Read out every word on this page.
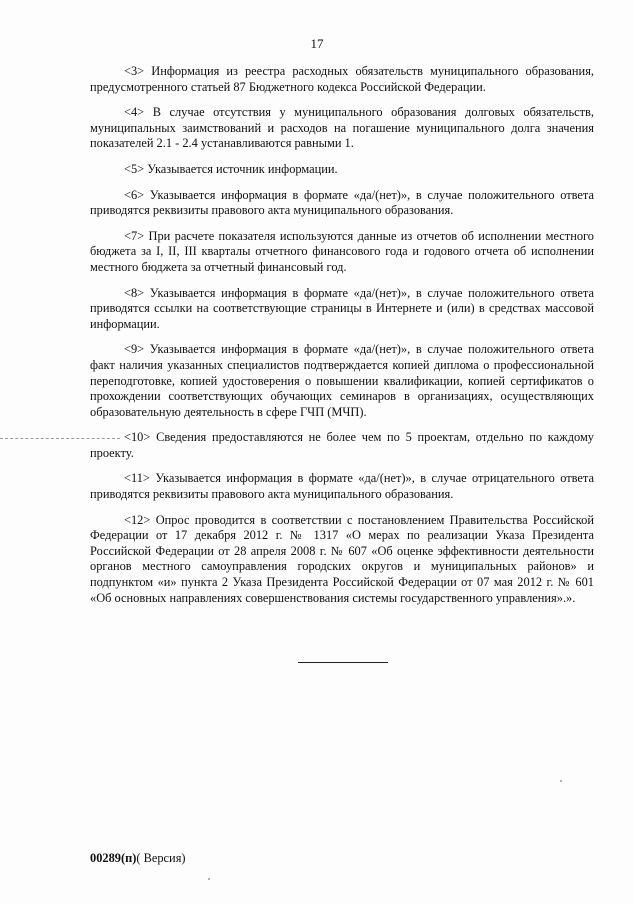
17

<3> Информация из реестра расходных обязательств муниципального образования, предусмотренного статьей 87 Бюджетного кодекса Российской Федерации.

<4> В случае отсутствия у муниципального образования долговых обязательств, муниципальных заимствований и расходов на погашение муниципального долга значения показателей 2.1 - 2.4 устанавливаются равными 1.

<5> Указывается источник информации.

<6> Указывается информация в формате «да/(нет)», в случае положительного ответа приводятся реквизиты правового акта муниципального образования.

<7> При расчете показателя используются данные из отчетов об исполнении местного бюджета за I, II, III кварталы отчетного финансового года и годового отчета об исполнении местного бюджета за отчетный финансовый год.

<8> Указывается информация в формате «да/(нет)», в случае положительного ответа приводятся ссылки на соответствующие страницы в Интернете и (или) в средствах массовой информации.

<9> Указывается информация в формате «да/(нет)», в случае положительного ответа факт наличия указанных специалистов подтверждается копией диплома о профессиональной переподготовке, копией удостоверения о повышении квалификации, копией сертификатов о прохождении соответствующих обучающих семинаров в организациях, осуществляющих образовательную деятельность в сфере ГЧП (МЧП).

<10> Сведения предоставляются не более чем по 5 проектам, отдельно по каждому проекту.

<11> Указывается информация в формате «да/(нет)», в случае отрицательного ответа приводятся реквизиты правового акта муниципального образования.

<12> Опрос проводится в соответствии с постановлением Правительства Российской Федерации от 17 декабря 2012 г. № 1317 «О мерах по реализации Указа Президента Российской Федерации от 28 апреля 2008 г. № 607 «Об оценке эффективности деятельности органов местного самоуправления городских округов и муниципальных районов» и подпунктом «и» пункта 2 Указа Президента Российской Федерации от 07 мая 2012 г. № 601 «Об основных направлениях совершенствования системы государственного управления».».

00289(п)( Версия)
